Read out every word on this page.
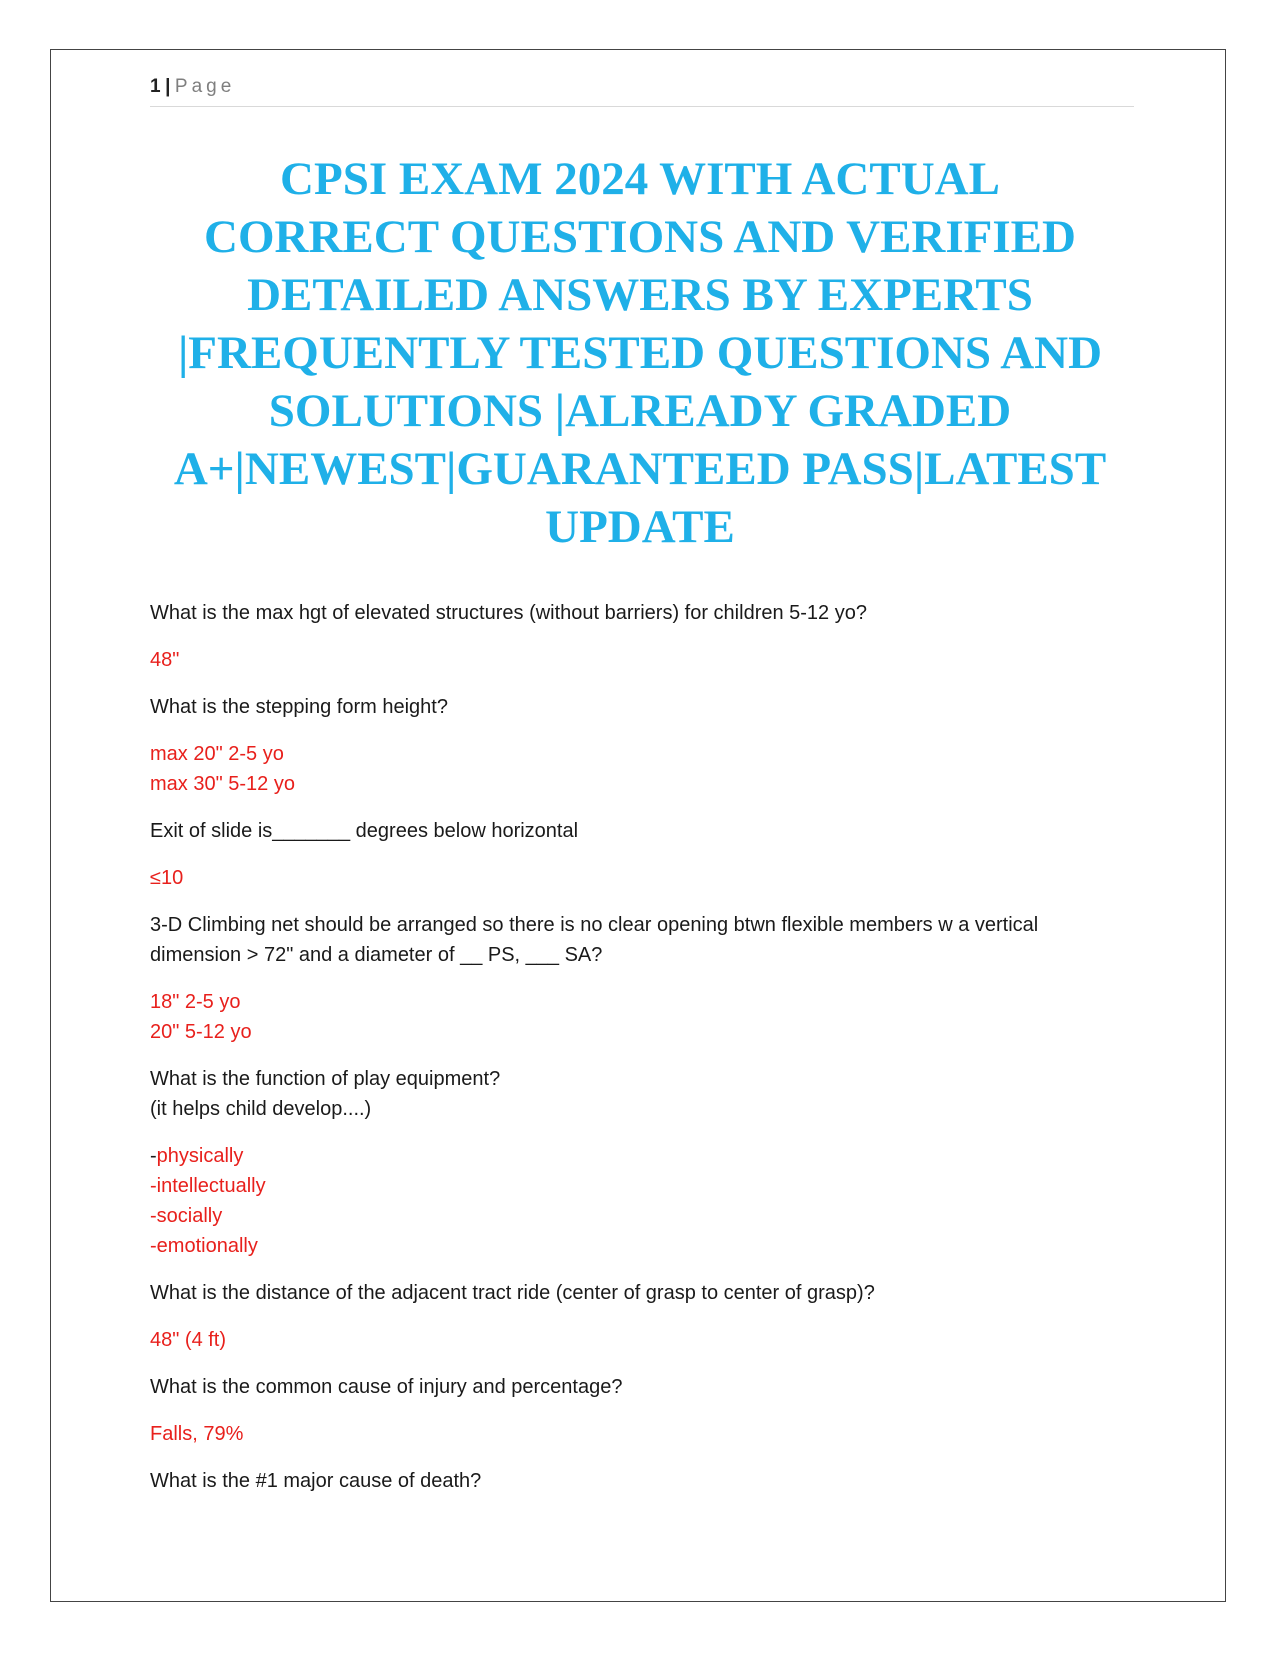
1 | Page
CPSI EXAM 2024 WITH ACTUAL
CORRECT QUESTIONS AND VERIFIED
DETAILED ANSWERS BY EXPERTS
|FREQUENTLY TESTED QUESTIONS AND
SOLUTIONS |ALREADY GRADED
A+|NEWEST|GUARANTEED PASS|LATEST
UPDATE

What is the max hgt of elevated structures (without barriers) for children 5-12 yo?

48"

What is the stepping form height?

max 20" 2-5 yo

max 30" 5-12 yo

Exit of slide is_______ degrees below horizontal

≤10

3-D Climbing net should be arranged so there is no clear opening btwn flexible members w a vertical

dimension > 72" and a diameter of __ PS, ___ SA?

18" 2-5 yo

20" 5-12 yo

What is the function of play equipment?

(it helps child develop....)

-physically

-intellectually

-socially

-emotionally

What is the distance of the adjacent tract ride (center of grasp to center of grasp)?

48" (4 ft)

What is the common cause of injury and percentage?

Falls, 79%

What is the #1 major cause of death?
